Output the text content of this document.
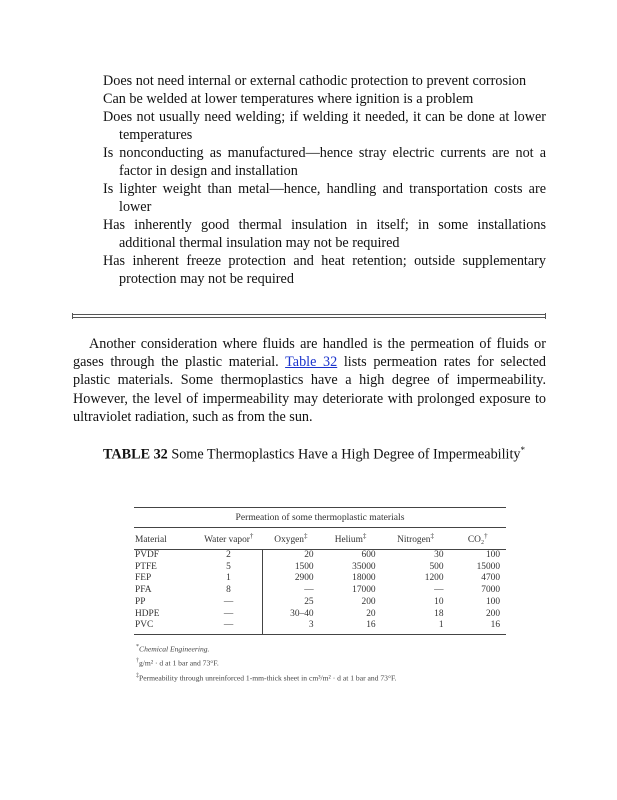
Does not need internal or external cathodic protection to prevent corrosion

Can be welded at lower temperatures where ignition is a problem

Does not usually need welding; if welding it needed, it can be done at lower temperatures

Is nonconducting as manufactured—hence stray electric currents are not a factor in design and installation

Is lighter weight than metal—hence, handling and transportation costs are lower

Has inherently good thermal insulation in itself; in some installations additional thermal insulation may not be required

Has inherent freeze protection and heat retention; outside supplementary protection may not be required

Another consideration where fluids are handled is the permeation of fluids or gases through the plastic material. Table 32 lists permeation rates for selected plastic materials. Some thermoplastics have a high degree of impermeability. However, the level of impermeability may deteriorate with prolonged exposure to ultraviolet radiation, such as from the sun.

TABLE 32 Some Thermoplastics Have a High Degree of Impermeability*

Permeation of some thermoplastic materials
Material	Water vapor†	Oxygen‡	Helium‡	Nitrogen‡	CO₂†
PVDF	2	20	600	30	100
PTFE	5	1500	35000	500	15000
FEP	1	2900	18000	1200	4700
PFA	8	—	17000	—	7000
PP	—	25	200	10	100
HDPE	—	30–40	20	18	200
PVC	—	3	16	1	16

*Chemical Engineering.
†g/m² · d at 1 bar and 73°F.
‡Permeability through unreinforced 1-mm-thick sheet in cm³/m² · d at 1 bar and 73°F.
